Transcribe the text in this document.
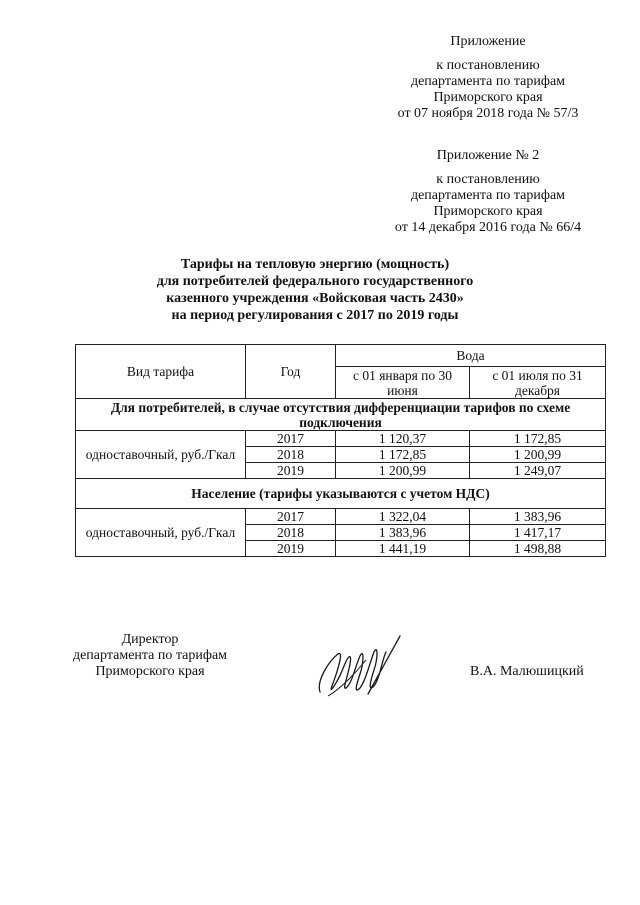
Приложение
к постановлению
департамента по тарифам
Приморского края
от 07 ноября 2018 года № 57/3
Приложение № 2
к постановлению
департамента по тарифам
Приморского края
от 14 декабря 2016 года № 66/4
Тарифы на тепловую энергию (мощность)
для потребителей федерального государственного
казенного учреждения «Войсковая часть 2430»
на период регулирования с 2017 по 2019 годы
Вид тарифа	Год	Вода	
		с 01 января по 30 июня	с 01 июля по 31 декабря
Для потребителей, в случае отсутствия дифференциации тарифов по схеме подключения			
одноставочный, руб./Гкал	2017	1 120,37	1 172,85
	2018	1 172,85	1 200,99
	2019	1 200,99	1 249,07
Население (тарифы указываются с учетом НДС)			
одноставочный, руб./Гкал	2017	1 322,04	1 383,96
	2018	1 383,96	1 417,17
	2019	1 441,19	1 498,88
Директор
департамента по тарифам
Приморского края	В.А. Малюшицкий
